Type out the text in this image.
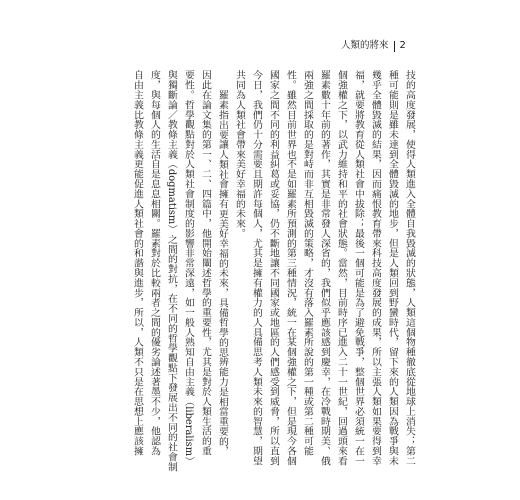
人類的將來 2
技的高度發展，使得人類進入全體自我毀滅的狀態，人類這個物種徹底從地球上消失；第二
種可能則是雖未達到全體毀滅的地步，但是人類回到野蠻時代，留下來的人類因為戰爭與未
幾乎全體毀滅的結果，因而痛恨教育帶來科技高度發展的成果，所以主張人類如果要得到幸
福，就要將教育從人類社會中拔除；最後一個可能是為了避免戰爭，整個世界必須統一在一
個強權之下，以武力維持和平的社會狀態。當然，目前時序已進入二十一世紀，回過頭來看
羅素數十年前的著作，其實是非常發人深省的，我們似乎應該感到慶幸，在冷戰時期美、俄
兩強之間採取的是對峙而非互相毀滅的策略，才沒有落入羅素所說的第一種或第二種可能
性。雖然目前世界也不是如羅素所預測的第三種情況，統一在某個強權之下，但是現今各個
國家之間不同的利益糾葛或妥協，仍不斷地讓不同國家或地區的人們感受到威脅，所以直到
今日，我們仍十分需要且期許每個人，尤其是擁有權力的人具備思考人類未來的智慧，期望
共同為人類社會帶來美好幸福的未來。
羅素指出要讓人類社會擁有更美好幸福的未來，具備哲學的思辨能力是相當重要的，
因此在論文集的第一、二、四篇中，他開始闡述哲學的重要性，尤其是對於人類生活的重
要性。哲學觀點對於人類社會制度的影響非常深遠，如一般人熟知自由主義（liberalism）
與獨斷論／教條主義（dogmatism）之間的對抗，在不同的哲學觀點下發展出不同的社會制
度，與每個人的生活自是息息相關。羅素對於比較兩者之間的優劣論述著墨不少，他認為
自由主義比教條主義更能促進人類社會的和諧與進步，所以，人類不只是在思想上應該擁
